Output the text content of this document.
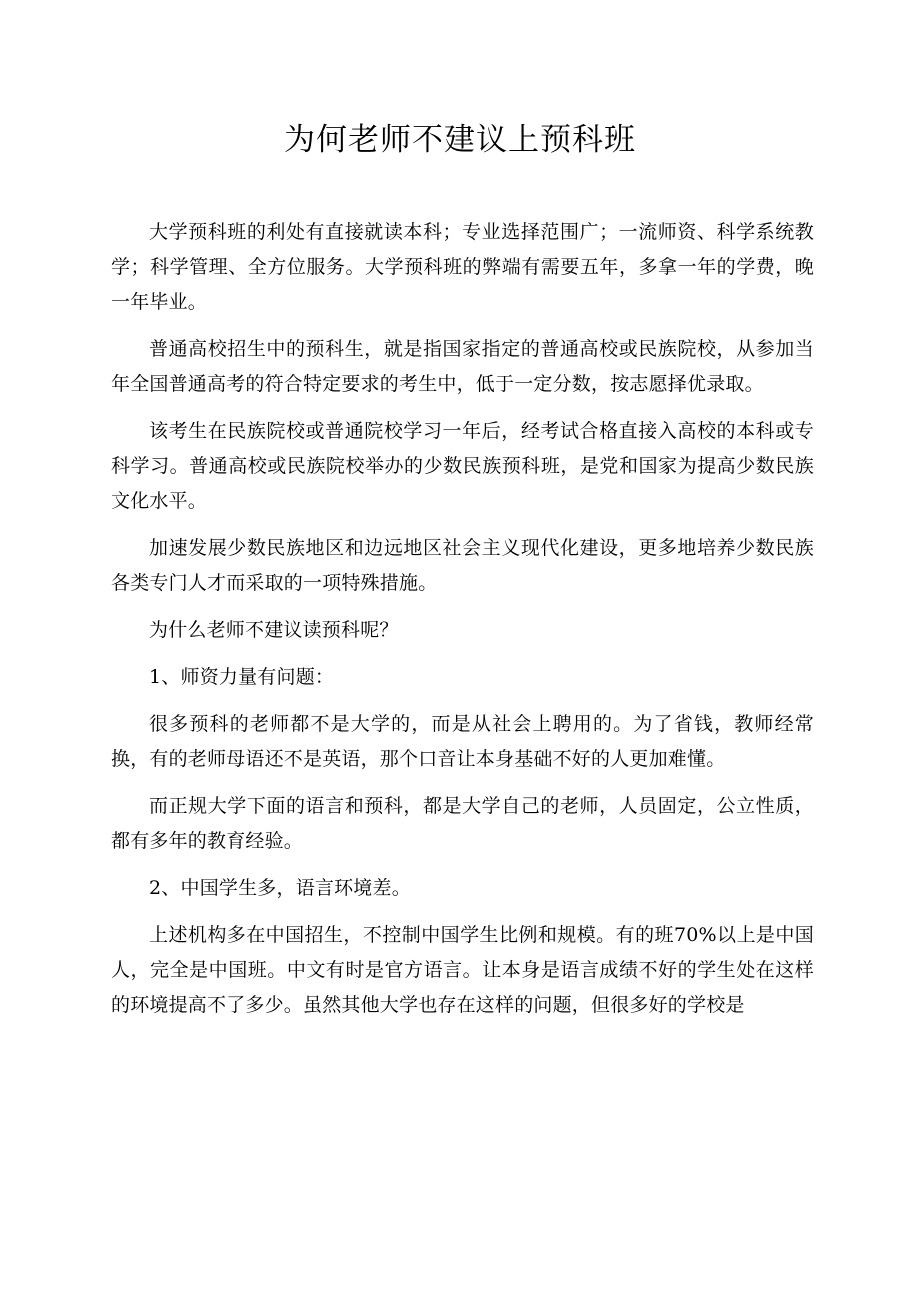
为何老师不建议上预科班

大学预科班的利处有直接就读本科；专业选择范围广；一流师资、科学系统教学；科学管理、全方位服务。大学预科班的弊端有需要五年，多拿一年的学费，晚一年毕业。

普通高校招生中的预科生，就是指国家指定的普通高校或民族院校，从参加当年全国普通高考的符合特定要求的考生中，低于一定分数，按志愿择优录取。

该考生在民族院校或普通院校学习一年后，经考试合格直接入高校的本科或专科学习。普通高校或民族院校举办的少数民族预科班，是党和国家为提高少数民族文化水平。

加速发展少数民族地区和边远地区社会主义现代化建设，更多地培养少数民族各类专门人才而采取的一项特殊措施。

为什么老师不建议读预科呢？

1、师资力量有问题：

很多预科的老师都不是大学的，而是从社会上聘用的。为了省钱，教师经常换，有的老师母语还不是英语，那个口音让本身基础不好的人更加难懂。

而正规大学下面的语言和预科，都是大学自己的老师，人员固定，公立性质，都有多年的教育经验。

2、中国学生多，语言环境差。

上述机构多在中国招生，不控制中国学生比例和规模。有的班70%以上是中国人，完全是中国班。中文有时是官方语言。让本身是语言成绩不好的学生处在这样的环境提高不了多少。虽然其他大学也存在这样的问题，但很多好的学校是
